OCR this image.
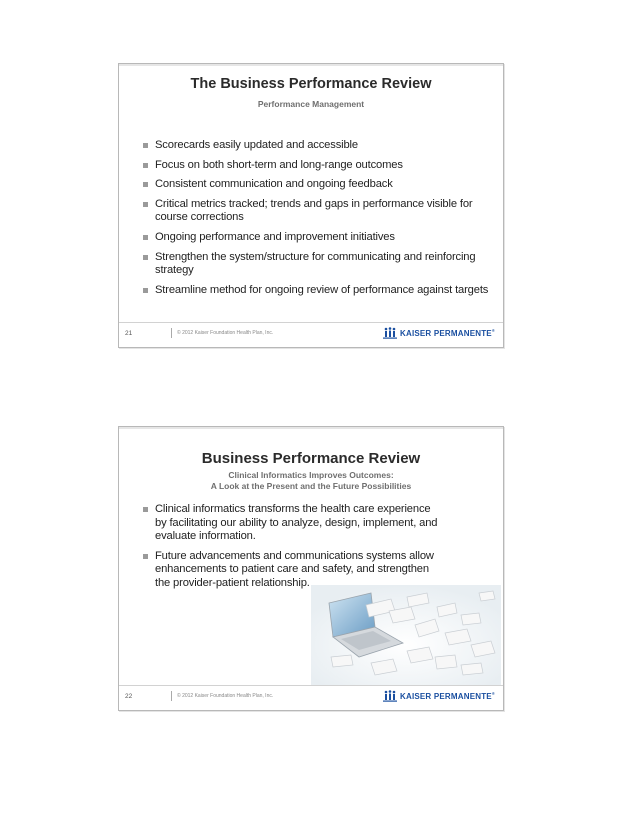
The Business Performance Review
Performance Management
Scorecards easily updated and accessible
Focus on both short-term and long-range outcomes
Consistent communication and ongoing feedback
Critical metrics tracked; trends and gaps in performance visible for course corrections
Ongoing performance and improvement initiatives
Strengthen the system/structure for communicating and reinforcing strategy
Streamline method for ongoing review of performance against targets
21	© 2012 Kaiser Foundation Health Plan, Inc.	KAISER PERMANENTE ®
Business Performance Review
Clinical Informatics Improves Outcomes:
A Look at the Present and the Future Possibilities
Clinical informatics transforms the health care experience by facilitating our ability to analyze, design, implement, and evaluate information.
Future advancements and communications systems allow enhancements to patient care and safety, and strengthen the provider-patient relationship.
22	© 2012 Kaiser Foundation Health Plan, Inc.	KAISER PERMANENTE ®
